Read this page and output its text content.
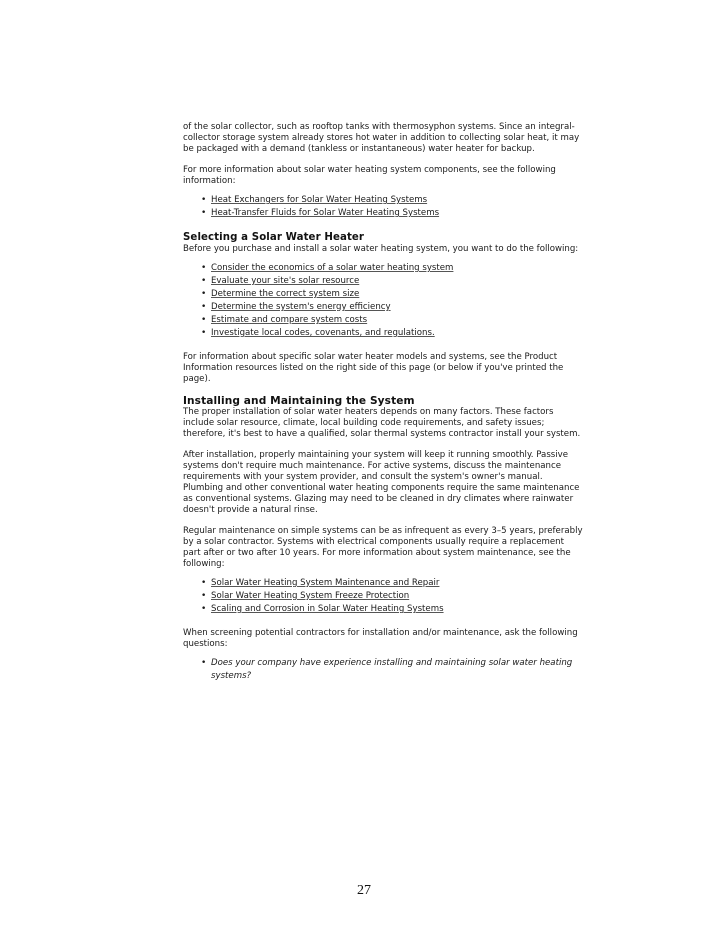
of the solar collector, such as rooftop tanks with thermosyphon systems. Since an integral-collector storage system already stores hot water in addition to collecting solar heat, it may be packaged with a demand (tankless or instantaneous) water heater for backup.

For more information about solar water heating system components, see the following information:

• Heat Exchangers for Solar Water Heating Systems
• Heat-Transfer Fluids for Solar Water Heating Systems
Selecting a Solar Water Heater

Before you purchase and install a solar water heating system, you want to do the following:

• Consider the economics of a solar water heating system
• Evaluate your site's solar resource
• Determine the correct system size
• Determine the system's energy efficiency
• Estimate and compare system costs
• Investigate local codes, covenants, and regulations.

For information about specific solar water heater models and systems, see the Product Information resources listed on the right side of this page (or below if you've printed the page).

Installing and Maintaining the System

The proper installation of solar water heaters depends on many factors. These factors include solar resource, climate, local building code requirements, and safety issues; therefore, it's best to have a qualified, solar thermal systems contractor install your system.

After installation, properly maintaining your system will keep it running smoothly. Passive systems don't require much maintenance. For active systems, discuss the maintenance requirements with your system provider, and consult the system's owner's manual. Plumbing and other conventional water heating components require the same maintenance as conventional systems. Glazing may need to be cleaned in dry climates where rainwater doesn't provide a natural rinse.

Regular maintenance on simple systems can be as infrequent as every 3–5 years, preferably by a solar contractor. Systems with electrical components usually require a replacement part after or two after 10 years. For more information about system maintenance, see the following:

• Solar Water Heating System Maintenance and Repair
• Solar Water Heating System Freeze Protection
• Scaling and Corrosion in Solar Water Heating Systems

When screening potential contractors for installation and/or maintenance, ask the following questions:

• Does your company have experience installing and maintaining solar water heating systems?
27
